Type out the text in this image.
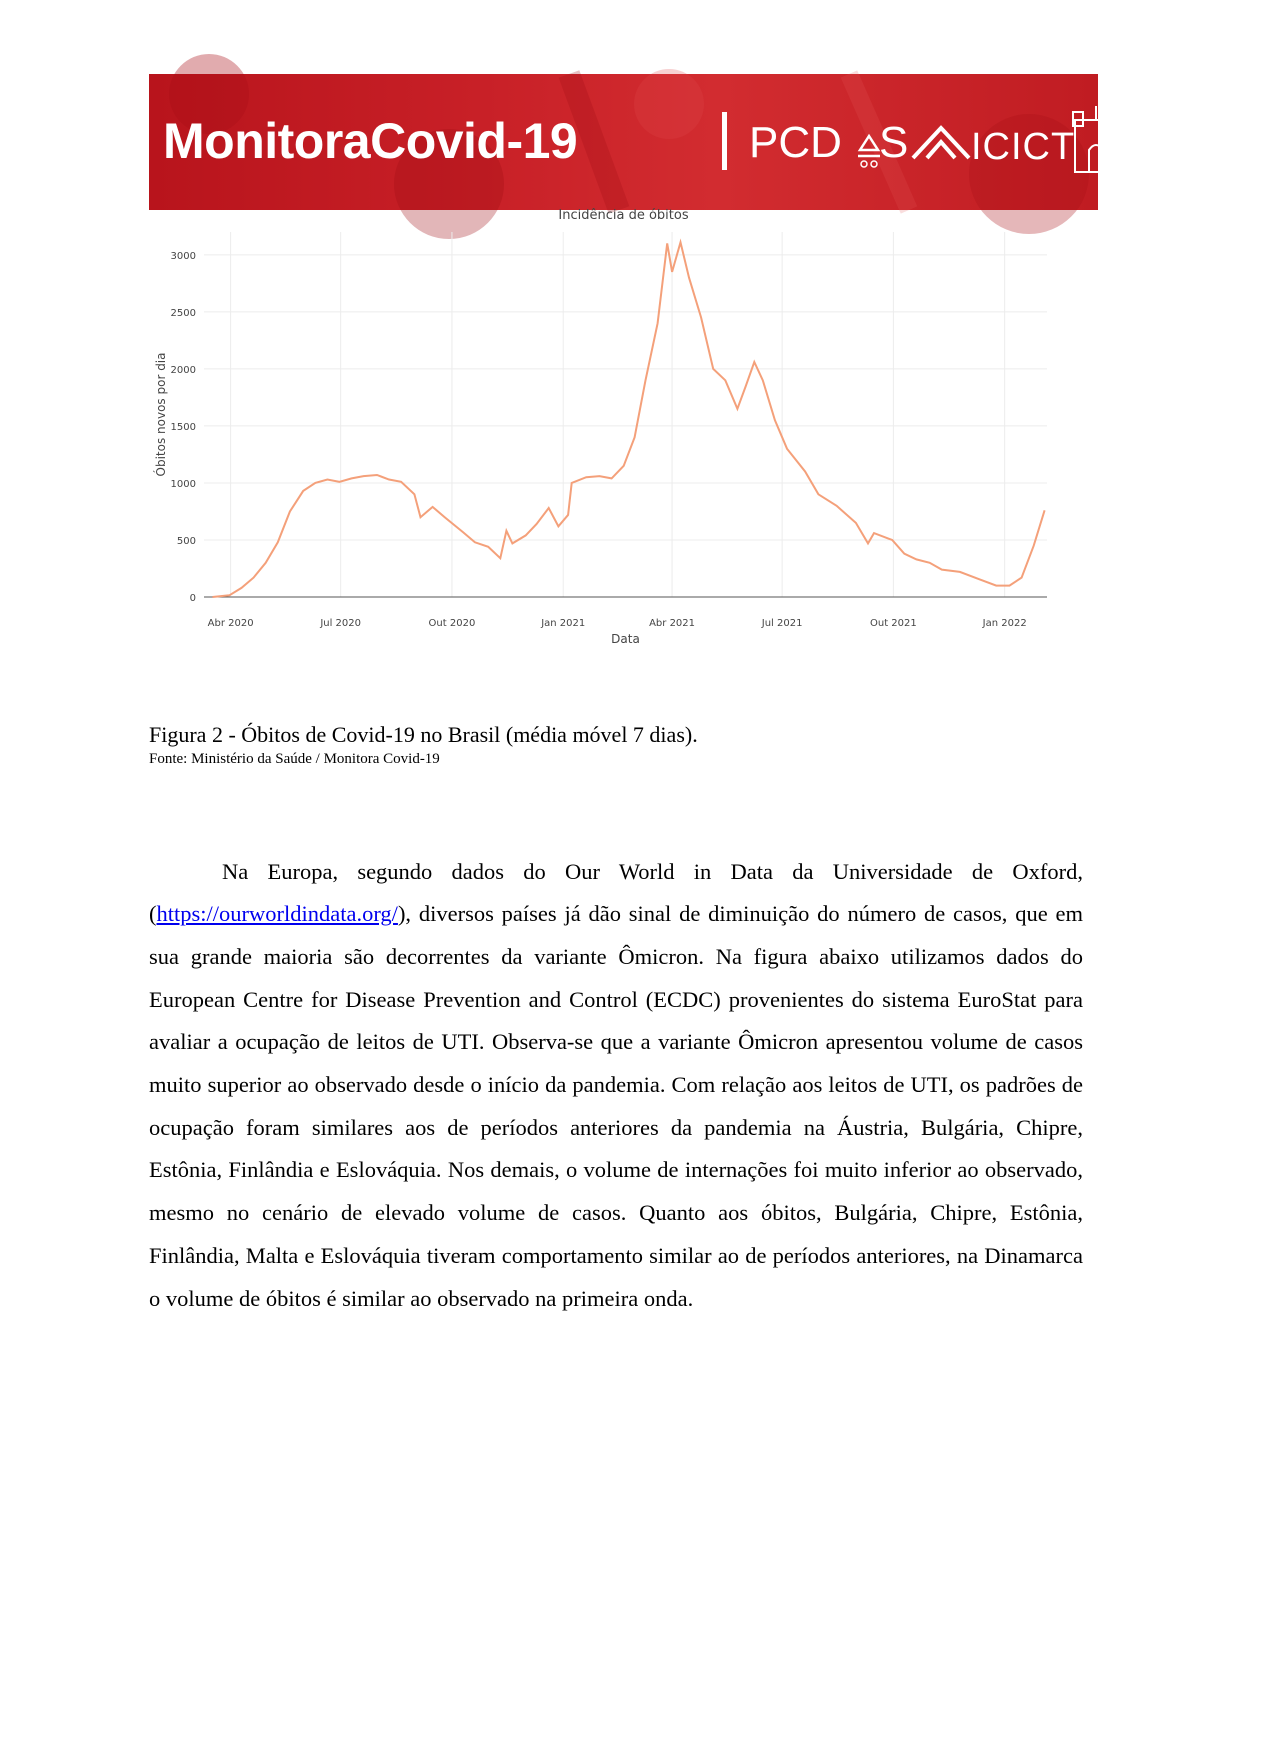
MonitoraCovid-19	PCD S ICICT FIOCRUZ
Incidência de óbitos
0
500
1000
1500
2000
2500
3000
Abr 2020	Jul 2020	Out 2020	Jan 2021	Abr 2021	Jul 2021	Out 2021	Jan 2022
Data
Óbitos novos por dia
Figura 2 - Óbitos de Covid-19 no Brasil (média móvel 7 dias).
Fonte: Ministério da Saúde / Monitora Covid-19

Na Europa, segundo dados do Our World in Data da Universidade de Oxford, (https://ourworldindata.org/), diversos países já dão sinal de diminuição do número de casos, que em sua grande maioria são decorrentes da variante Ômicron. Na figura abaixo utilizamos dados do European Centre for Disease Prevention and Control (ECDC) provenientes do sistema EuroStat para avaliar a ocupação de leitos de UTI. Observa-se que a variante Ômicron apresentou volume de casos muito superior ao observado desde o início da pandemia. Com relação aos leitos de UTI, os padrões de ocupação foram similares aos de períodos anteriores da pandemia na Áustria, Bulgária, Chipre, Estônia, Finlândia e Eslováquia. Nos demais, o volume de internações foi muito inferior ao observado, mesmo no cenário de elevado volume de casos. Quanto aos óbitos, Bulgária, Chipre, Estônia, Finlândia, Malta e Eslováquia tiveram comportamento similar ao de períodos anteriores, na Dinamarca o volume de óbitos é similar ao observado na primeira onda.
